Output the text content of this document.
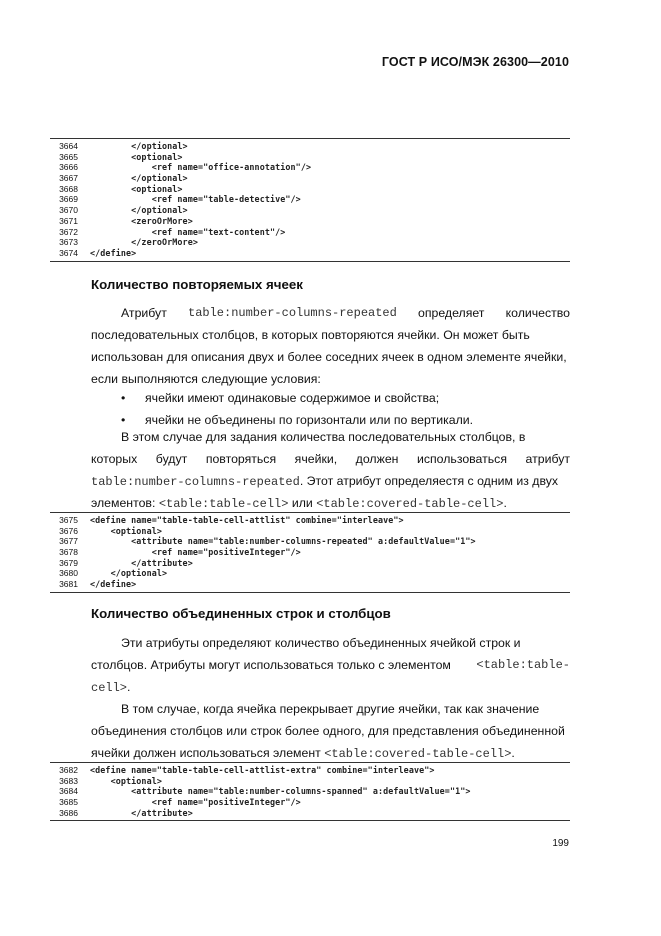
ГОСТ Р ИСО/МЭК 26300—2010
3664 </optional>
3665 <optional>
3666 <ref name="office-annotation"/>
3667 </optional>
3668 <optional>
3669 <ref name="table-detective"/>
3670 </optional>
3671 <zeroOrMore>
3672 <ref name="text-content"/>
3673 </zeroOrMore>
3674 </define>
Количество повторяемых ячеек
Атрибут table:number-columns-repeated определяет количество
последовательных столбцов, в которых повторяются ячейки. Он может быть
использован для описания двух и более соседних ячеек в одном элементе ячейки,
если выполняются следующие условия:
• ячейки имеют одинаковые содержимое и свойства;
• ячейки не объединены по горизонтали или по вертикали.
В этом случае для задания количества последовательных столбцов, в
которых будут повторяться ячейки, должен использоваться атрибут
table:number-columns-repeated. Этот атрибут определяестя с одним из двух
элементов: <table:table-cell> или <table:covered-table-cell>.
3675 <define name="table-table-cell-attlist" combine="interleave">
3676 <optional>
3677 <attribute name="table:number-columns-repeated" a:defaultValue="1">
3678 <ref name="positiveInteger"/>
3679 </attribute>
3680 </optional>
3681 </define>
Количество объединенных строк и столбцов
Эти атрибуты определяют количество объединенных ячейкой строк и
столбцов. Атрибуты могут использоваться только с элементом <table:table-
cell>.
В том случае, когда ячейка перекрывает другие ячейки, так как значение
объединения столбцов или строк более одного, для представления объединенной
ячейки должен использоваться элемент <table:covered-table-cell>.
3682 <define name="table-table-cell-attlist-extra" combine="interleave">
3683 <optional>
3684 <attribute name="table:number-columns-spanned" a:defaultValue="1">
3685 <ref name="positiveInteger"/>
3686 </attribute>
199
